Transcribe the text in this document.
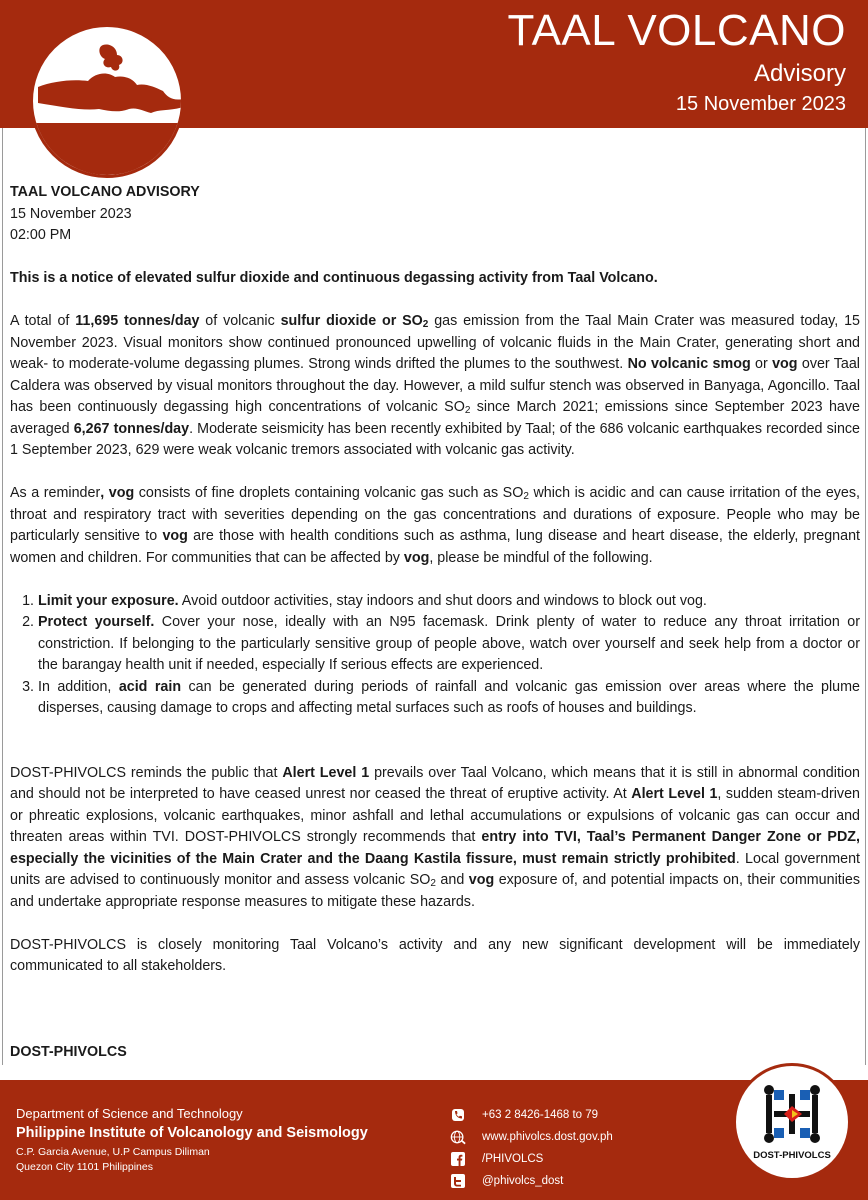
TAAL VOLCANO
Advisory
15 November 2023

TAAL VOLCANO ADVISORY

15 November 2023

02:00 PM

This is a notice of elevated sulfur dioxide and continuous degassing activity from Taal Volcano.

A total of 11,695 tonnes/day of volcanic sulfur dioxide or $SO_2$ gas emission from the Taal Main Crater was measured today, 15 November 2023. Visual monitors show continued pronounced upwelling of volcanic fluids in the Main Crater, generating short and weak- to moderate-volume degassing plumes. Strong winds drifted the plumes to the southwest. No volcanic smog or vog over Taal Caldera was observed by visual monitors throughout the day. However, a mild sulfur stench was observed in Banyaga, Agoncillo. Taal has been continuously degassing high concentrations of volcanic $SO_2$ since March 2021; emissions since September 2023 have averaged 6,267 tonnes/day. Moderate seismicity has been recently exhibited by Taal; of the 686 volcanic earthquakes recorded since 1 September 2023, 629 were weak volcanic tremors associated with volcanic gas activity.

As a reminder, vog consists of fine droplets containing volcanic gas such as $SO_2$ which is acidic and can cause irritation of the eyes, throat and respiratory tract with severities depending on the gas concentrations and durations of exposure. People who may be particularly sensitive to vog are those with health conditions such as asthma, lung disease and heart disease, the elderly, pregnant women and children. For communities that can be affected by vog, please be mindful of the following.

1. Limit your exposure. Avoid outdoor activities, stay indoors and shut doors and windows to block out vog.
2. Protect yourself. Cover your nose, ideally with an N95 facemask. Drink plenty of water to reduce any throat irritation or constriction. If belonging to the particularly sensitive group of people above, watch over yourself and seek help from a doctor or the barangay health unit if needed, especially If serious effects are experienced.
3. In addition, acid rain can be generated during periods of rainfall and volcanic gas emission over areas where the plume disperses, causing damage to crops and affecting metal surfaces such as roofs of houses and buildings.

DOST-PHIVOLCS reminds the public that Alert Level 1 prevails over Taal Volcano, which means that it is still in abnormal condition and should not be interpreted to have ceased unrest nor ceased the threat of eruptive activity. At Alert Level 1, sudden steam-driven or phreatic explosions, volcanic earthquakes, minor ashfall and lethal accumulations or expulsions of volcanic gas can occur and threaten areas within TVI. DOST-PHIVOLCS strongly recommends that entry into TVI, Taal’s Permanent Danger Zone or PDZ, especially the vicinities of the Main Crater and the Daang Kastila fissure, must remain strictly prohibited. Local government units are advised to continuously monitor and assess volcanic $SO_2$ and vog exposure of, and potential impacts on, their communities and undertake appropriate response measures to mitigate these hazards.

DOST-PHIVOLCS is closely monitoring Taal Volcano’s activity and any new significant development will be immediately communicated to all stakeholders.

DOST-PHIVOLCS

Department of Science and Technology
Philippine Institute of Volcanology and Seismology
C.P. Garcia Avenue, U.P Campus Diliman
Quezon City 1101 Philippines
+63 2 8426-1468 to 79
www.phivolcs.dost.gov.ph
/PHIVOLCS
@phivolcs_dost
DOST-PHIVOLCS
